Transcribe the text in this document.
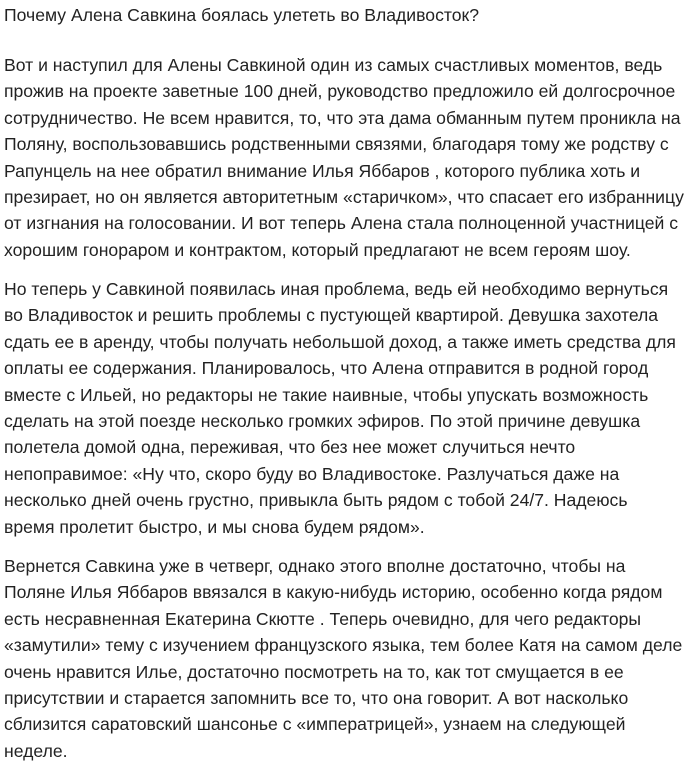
Почему Алена Савкина боялась улететь во Владивосток?
Вот и наступил для Алены Савкиной один из самых счастливых моментов, ведь
прожив на проекте заветные 100 дней, руководство предложило ей долгосрочное
сотрудничество. Не всем нравится, то, что эта дама обманным путем проникла на
Поляну, воспользовавшись родственными связями, благодаря тому же родству с
Рапунцель на нее обратил внимание Илья Яббаров , которого публика хоть и
презирает, но он является авторитетным «старичком», что спасает его избранницу
от изгнания на голосовании. И вот теперь Алена стала полноценной участницей с
хорошим гонораром и контрактом, который предлагают не всем героям шоу.
Но теперь у Савкиной появилась иная проблема, ведь ей необходимо вернуться
во Владивосток и решить проблемы с пустующей квартирой. Девушка захотела
сдать ее в аренду, чтобы получать небольшой доход, а также иметь средства для
оплаты ее содержания. Планировалось, что Алена отправится в родной город
вместе с Ильей, но редакторы не такие наивные, чтобы упускать возможность
сделать на этой поезде несколько громких эфиров. По этой причине девушка
полетела домой одна, переживая, что без нее может случиться нечто
непоправимое: «Ну что, скоро буду во Владивостоке. Разлучаться даже на
несколько дней очень грустно, привыкла быть рядом с тобой 24/7. Надеюсь
время пролетит быстро, и мы снова будем рядом».
Вернется Савкина уже в четверг, однако этого вполне достаточно, чтобы на
Поляне Илья Яббаров ввязался в какую-нибудь историю, особенно когда рядом
есть несравненная Екатерина Скютте . Теперь очевидно, для чего редакторы
«замутили» тему с изучением французского языка, тем более Катя на самом деле
очень нравится Илье, достаточно посмотреть на то, как тот смущается в ее
присутствии и старается запомнить все то, что она говорит. А вот насколько
сблизится саратовский шансонье с «императрицей», узнаем на следующей
неделе.
